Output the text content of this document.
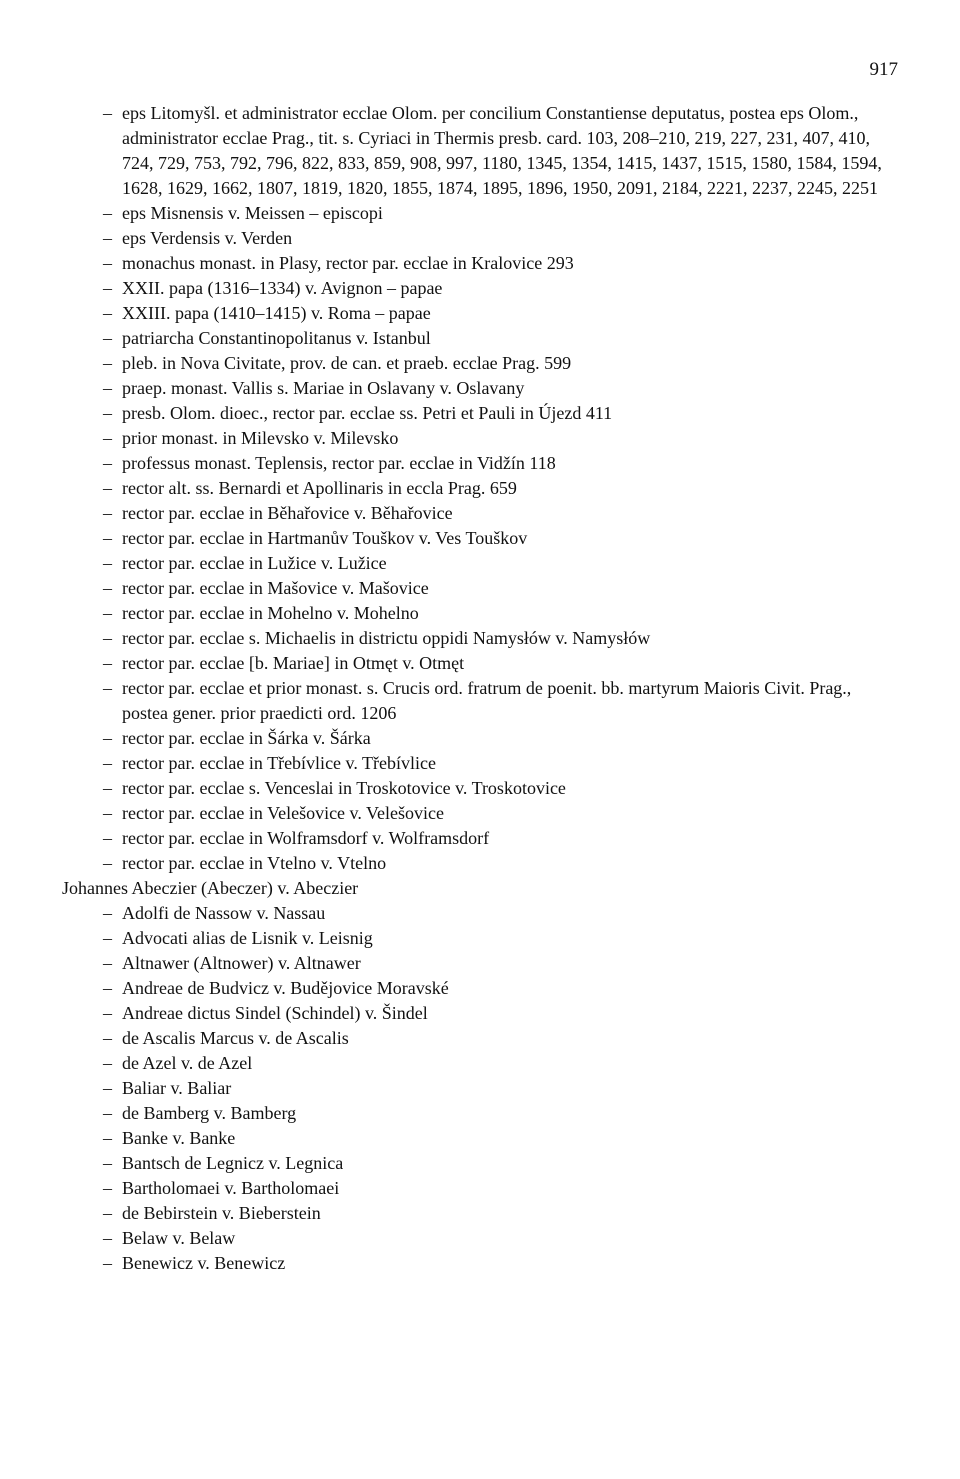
917
– eps Litomyšl. et administrator ecclae Olom. per concilium Constantiense deputatus, postea eps Olom., administrator ecclae Prag., tit. s. Cyriaci in Thermis presb. card. 103, 208–210, 219, 227, 231, 407, 410, 724, 729, 753, 792, 796, 822, 833, 859, 908, 997, 1180, 1345, 1354, 1415, 1437, 1515, 1580, 1584, 1594, 1628, 1629, 1662, 1807, 1819, 1820, 1855, 1874, 1895, 1896, 1950, 2091, 2184, 2221, 2237, 2245, 2251
– eps Misnensis v. Meissen – episcopi
– eps Verdensis v. Verden
– monachus monast. in Plasy, rector par. ecclae in Kralovice 293
– XXII. papa (1316–1334) v. Avignon – papae
– XXIII. papa (1410–1415) v. Roma – papae
– patriarcha Constantinopolitanus v. Istanbul
– pleb. in Nova Civitate, prov. de can. et praeb. ecclae Prag. 599
– praep. monast. Vallis s. Mariae in Oslavany v. Oslavany
– presb. Olom. dioec., rector par. ecclae ss. Petri et Pauli in Újezd 411
– prior monast. in Milevsko v. Milevsko
– professus monast. Teplensis, rector par. ecclae in Vidžín 118
– rector alt. ss. Bernardi et Apollinaris in eccla Prag. 659
– rector par. ecclae in Běhařovice v. Běhařovice
– rector par. ecclae in Hartmanův Touškov v. Ves Touškov
– rector par. ecclae in Lužice v. Lužice
– rector par. ecclae in Mašovice v. Mašovice
– rector par. ecclae in Mohelno v. Mohelno
– rector par. ecclae s. Michaelis in districtu oppidi Namysłów v. Namysłów
– rector par. ecclae [b. Mariae] in Otmęt v. Otmęt
– rector par. ecclae et prior monast. s. Crucis ord. fratrum de poenit. bb. martyrum Maioris Civit. Prag., postea gener. prior praedicti ord. 1206
– rector par. ecclae in Šárka v. Šárka
– rector par. ecclae in Třebívlice v. Třebívlice
– rector par. ecclae s. Venceslai in Troskotovice v. Troskotovice
– rector par. ecclae in Velešovice v. Velešovice
– rector par. ecclae in Wolframsdorf v. Wolframsdorf
– rector par. ecclae in Vtelno v. Vtelno
Johannes Abeczier (Abeczer) v. Abeczier
– Adolfi de Nassow v. Nassau
– Advocati alias de Lisnik v. Leisnig
– Altnawer (Altnower) v. Altnawer
– Andreae de Budvicz v. Budějovice Moravské
– Andreae dictus Sindel (Schindel) v. Šindel
– de Ascalis Marcus v. de Ascalis
– de Azel v. de Azel
– Baliar v. Baliar
– de Bamberg v. Bamberg
– Banke v. Banke
– Bantsch de Legnicz v. Legnica
– Bartholomaei v. Bartholomaei
– de Bebirstein v. Bieberstein
– Belaw v. Belaw
– Benewicz v. Benewicz
